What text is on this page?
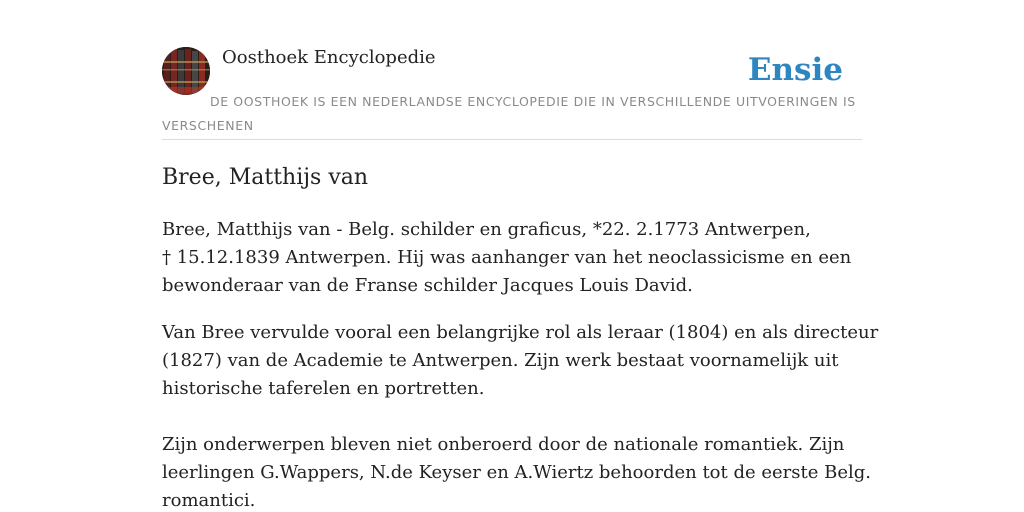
Oosthoek Encyclopedie	Ensie
DE OOSTHOEK IS EEN NEDERLANDSE ENCYCLOPEDIE DIE IN VERSCHILLENDE UITVOERINGEN IS VERSCHENEN
Bree, Matthijs van

Bree, Matthijs van - Belg. schilder en graficus, *22. 2.1773 Antwerpen,
† 15.12.1839 Antwerpen. Hij was aanhanger van het neoclassicisme en een
bewonderaar van de Franse schilder Jacques Louis David.

Van Bree vervulde vooral een belangrijke rol als leraar (1804) en als directeur
(1827) van de Academie te Antwerpen. Zijn werk bestaat voornamelijk uit
historische taferelen en portretten.

Zijn onderwerpen bleven niet onberoerd door de nationale romantiek. Zijn
leerlingen G.Wappers, N.de Keyser en A.Wiertz behoorden tot de eerste Belg.
romantici.
